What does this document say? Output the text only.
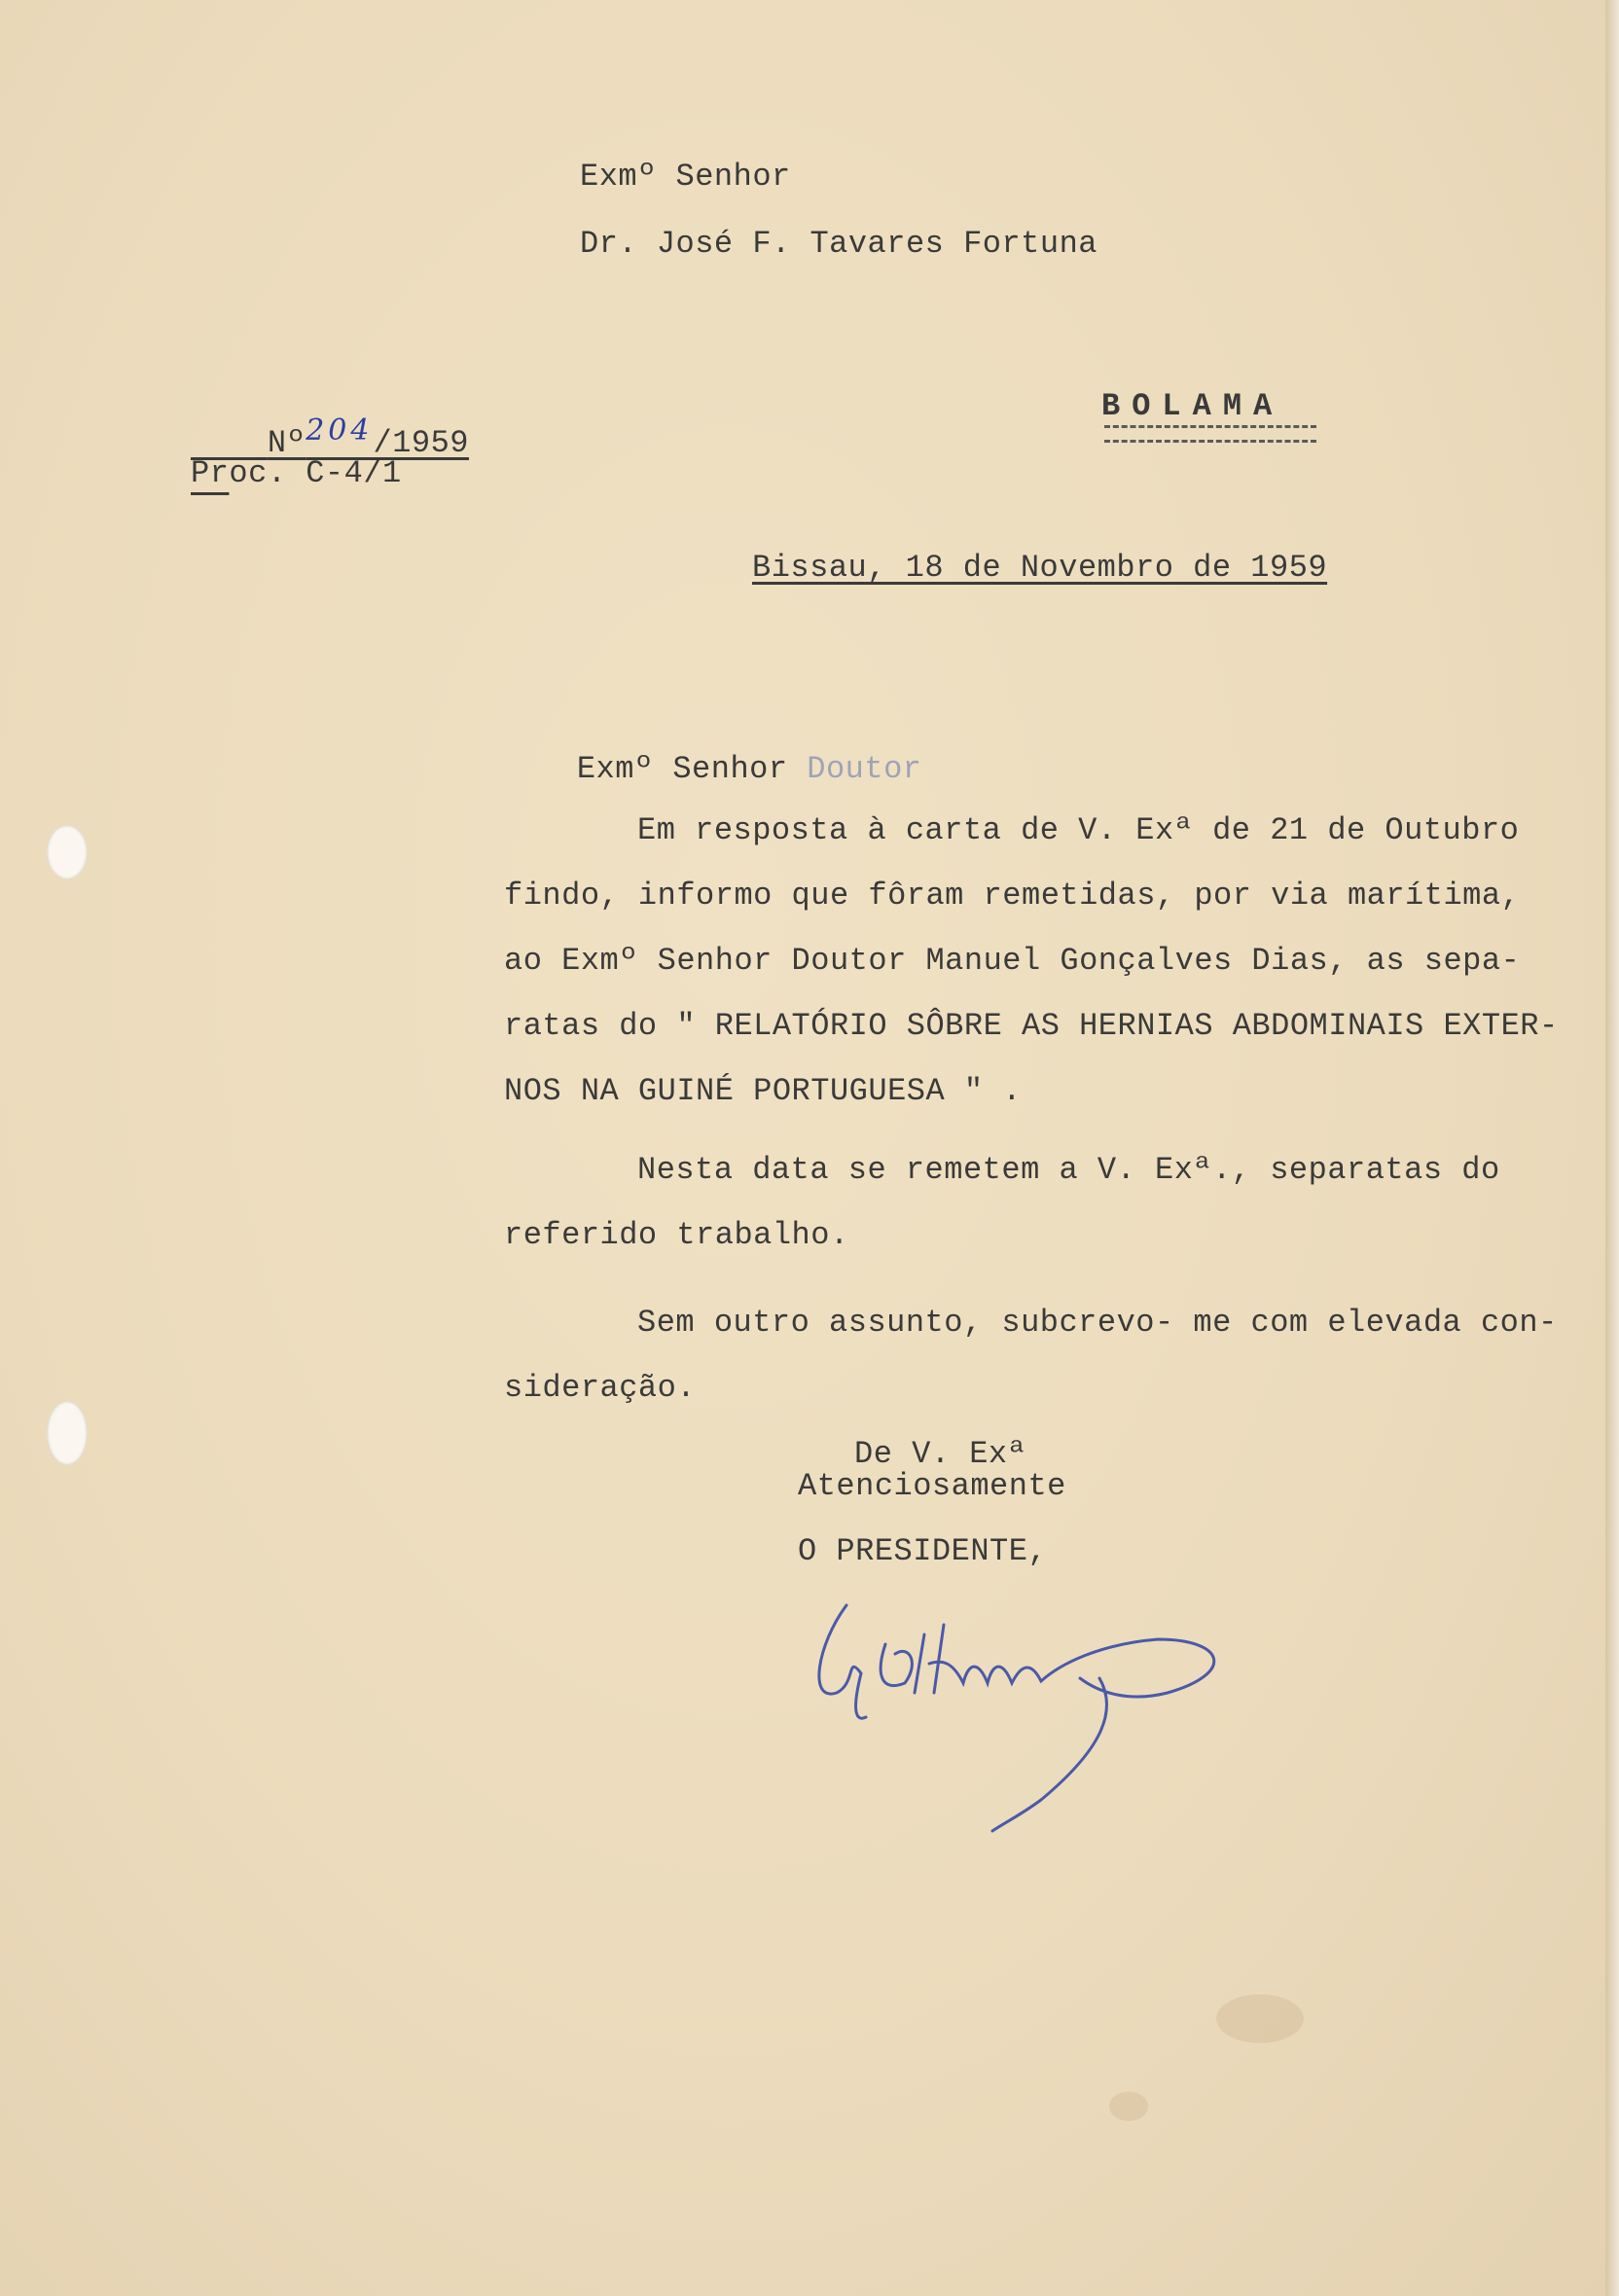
Exmº Senhor
Dr. José F. Tavares Fortuna

Nº204/1959

Proc. C-4/1
BOLAMA
Bissau, 18 de Novembro de 1959

Exmº Senhor Doutor

Em resposta à carta de V. Exª de 21 de Outubro
findo, informo que fôram remetidas, por via marítima,
ao Exmº Senhor Doutor Manuel Gonçalves Dias, as sepa-
ratas do " RELATÓRIO SÔBRE AS HERNIAS ABDOMINAIS EXTER-
NOS NA GUINÉ PORTUGUESA " .
Nesta data se remetem a V. Exª., separatas do
referido trabalho.
Sem outro assunto, subcrevo- me com elevada con-
sideração.
De V. Exª
Atenciosamente
O PRESIDENTE,
